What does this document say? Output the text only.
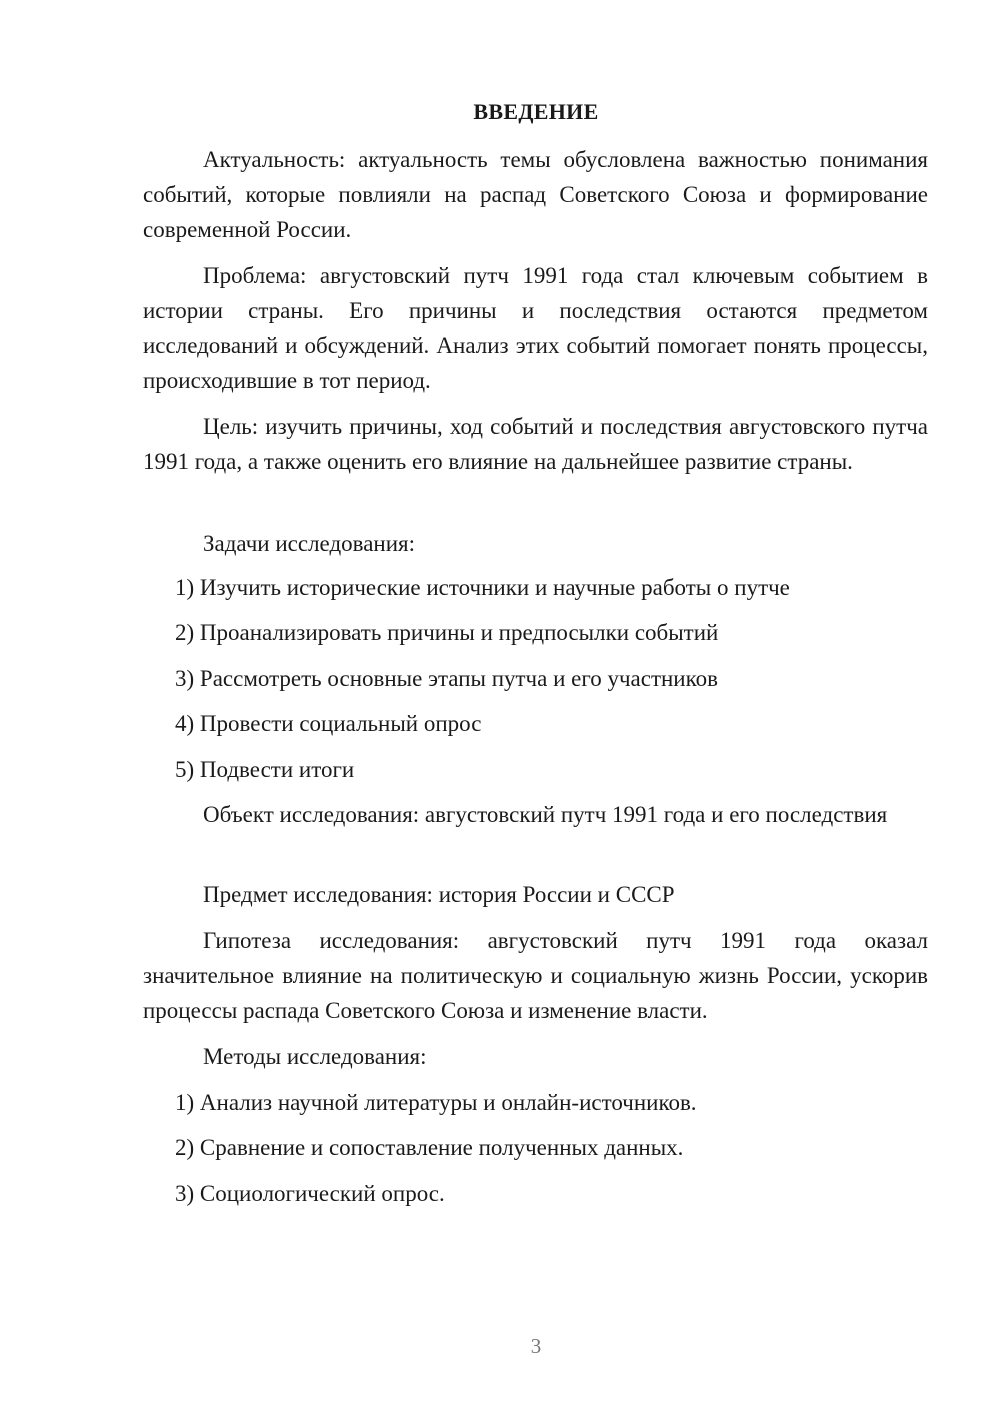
ВВЕДЕНИЕ

Актуальность: актуальность темы обусловлена важностью понимания событий, которые повлияли на распад Советского Союза и формирование современной России.

Проблема: августовский путч 1991 года стал ключевым событием в истории страны. Его причины и последствия остаются предметом исследований и обсуждений. Анализ этих событий помогает понять процессы, происходившие в тот период.

Цель: изучить причины, ход событий и последствия августовского путча 1991 года, а также оценить его влияние на дальнейшее развитие страны.

Задачи исследования:

1) Изучить исторические источники и научные работы о путче

2) Проанализировать причины и предпосылки событий

3) Рассмотреть основные этапы путча и его участников

4) Провести социальный опрос

5) Подвести итоги

Объект исследования: августовский путч 1991 года и его последствия

Предмет исследования: история России и СССР

Гипотеза исследования: августовский путч 1991 года оказал значительное влияние на политическую и социальную жизнь России, ускорив процессы распада Советского Союза и изменение власти.

Методы исследования:

1) Анализ научной литературы и онлайн-источников.

2) Сравнение и сопоставление полученных данных.

3) Социологический опрос.

3
